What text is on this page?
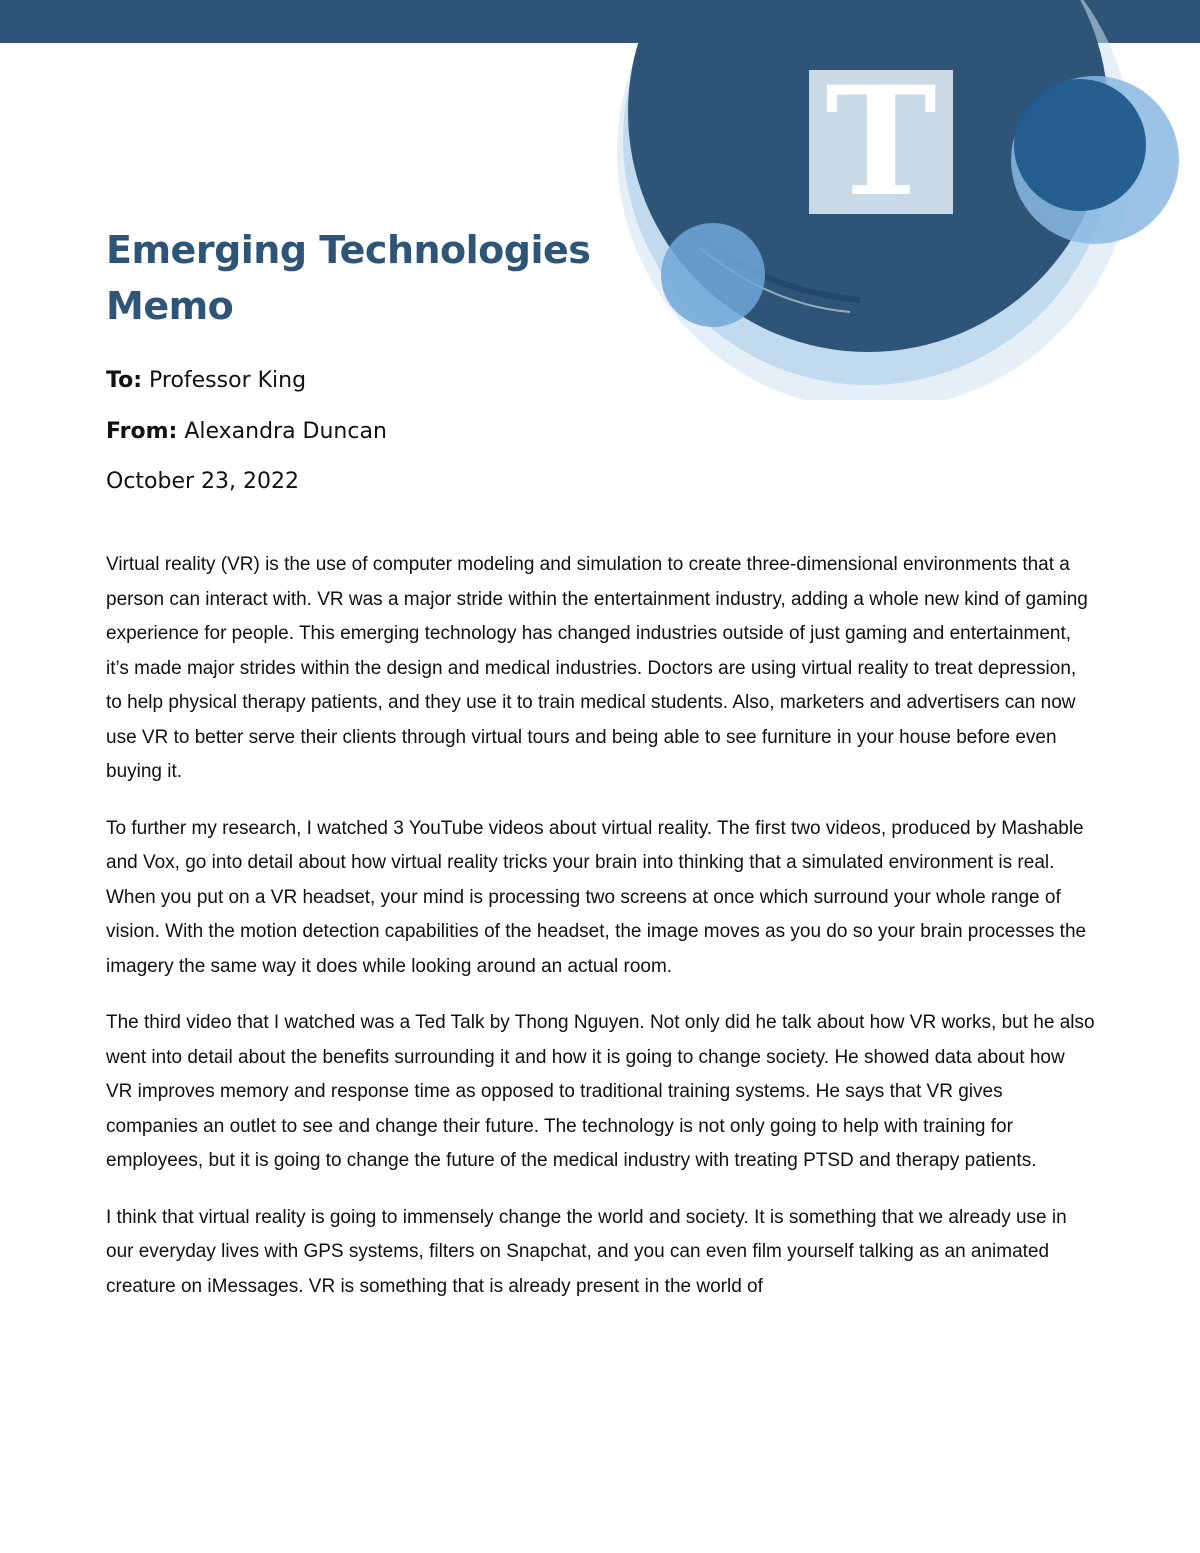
T
Emerging Technologies
Memo

To: Professor King

From: Alexandra Duncan

October 23, 2022

Virtual reality (VR) is the use of computer modeling and simulation to create three-dimensional environments that a person can interact with. VR was a major stride within the entertainment industry, adding a whole new kind of gaming experience for people. This emerging technology has changed industries outside of just gaming and entertainment, it’s made major strides within the design and medical industries. Doctors are using virtual reality to treat depression, to help physical therapy patients, and they use it to train medical students. Also, marketers and advertisers can now use VR to better serve their clients through virtual tours and being able to see furniture in your house before even buying it.

To further my research, I watched 3 YouTube videos about virtual reality. The first two videos, produced by Mashable and Vox, go into detail about how virtual reality tricks your brain into thinking that a simulated environment is real. When you put on a VR headset, your mind is processing two screens at once which surround your whole range of vision. With the motion detection capabilities of the headset, the image moves as you do so your brain processes the imagery the same way it does while looking around an actual room.

The third video that I watched was a Ted Talk by Thong Nguyen. Not only did he talk about how VR works, but he also went into detail about the benefits surrounding it and how it is going to change society. He showed data about how VR improves memory and response time as opposed to traditional training systems. He says that VR gives companies an outlet to see and change their future. The technology is not only going to help with training for employees, but it is going to change the future of the medical industry with treating PTSD and therapy patients.

I think that virtual reality is going to immensely change the world and society. It is something that we already use in our everyday lives with GPS systems, filters on Snapchat, and you can even film yourself talking as an animated creature on iMessages. VR is something that is already present in the world of
